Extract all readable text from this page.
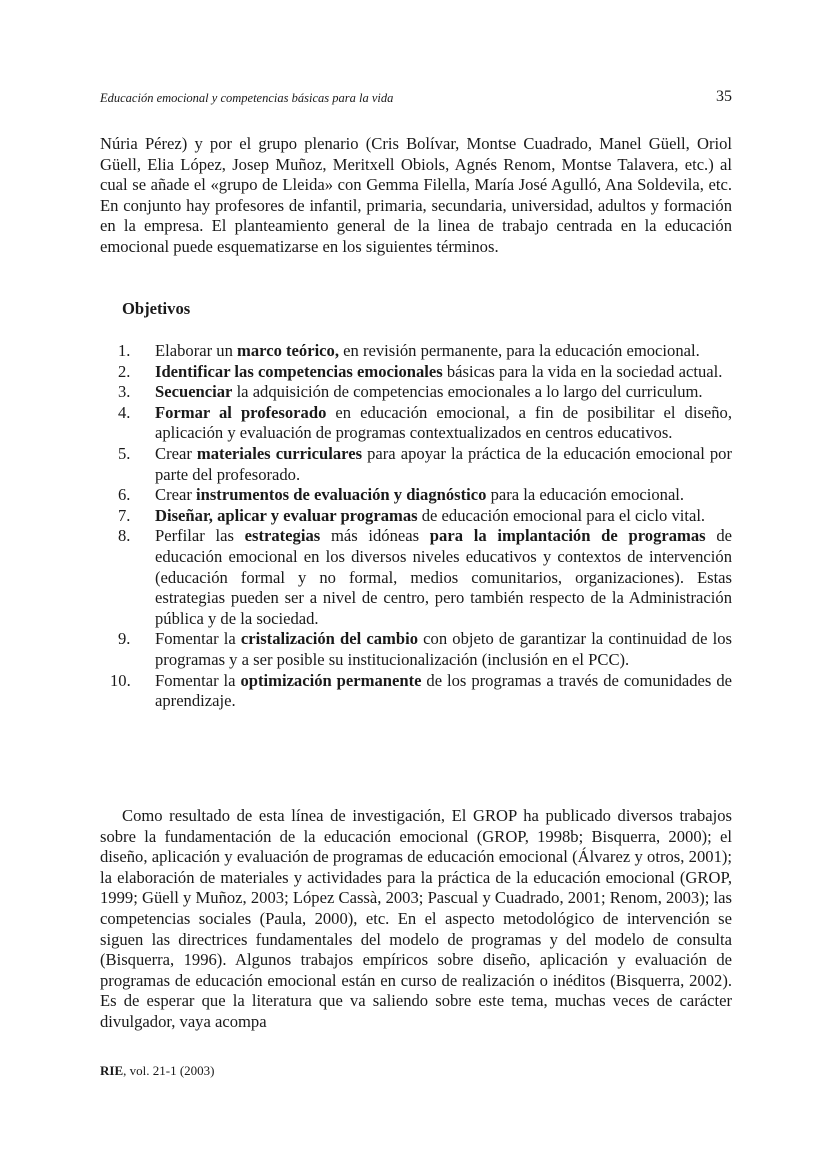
Educación emocional y competencias básicas para la vida	35

Núria Pérez) y por el grupo plenario (Cris Bolívar, Montse Cuadrado, Manel Güell, Oriol Güell, Elia López, Josep Muñoz, Meritxell Obiols, Agnés Renom, Montse Talavera, etc.) al cual se añade el «grupo de Lleida» con Gemma Filella, María José Agulló, Ana Soldevila, etc. En conjunto hay profesores de infantil, primaria, secundaria, universidad, adultos y formación en la empresa. El planteamiento general de la linea de trabajo centrada en la educación emocional puede esquematizarse en los siguientes términos.

Objetivos
1.	Elaborar un marco teórico, en revisión permanente, para la educación emocional.
2.	Identificar las competencias emocionales básicas para la vida en la sociedad actual.
3.	Secuenciar la adquisición de competencias emocionales a lo largo del curriculum.
4.	Formar al profesorado en educación emocional, a fin de posibilitar el diseño, aplicación y evaluación de programas contextualizados en centros educativos.
5.	Crear materiales curriculares para apoyar la práctica de la educación emocional por parte del profesorado.
6.	Crear instrumentos de evaluación y diagnóstico para la educación emocional.
7.	Diseñar, aplicar y evaluar programas de educación emocional para el ciclo vital.
8.	Perfilar las estrategias más idóneas para la implantación de programas de educación emocional en los diversos niveles educativos y contextos de intervención (educación formal y no formal, medios comunitarios, organizaciones). Estas estrategias pueden ser a nivel de centro, pero también respecto de la Administración pública y de la sociedad.
9.	Fomentar la cristalización del cambio con objeto de garantizar la continuidad de los programas y a ser posible su institucionalización (inclusión en el PCC).
10.	Fomentar la optimización permanente de los programas a través de comunidades de aprendizaje.

Como resultado de esta línea de investigación, El GROP ha publicado diversos trabajos sobre la fundamentación de la educación emocional (GROP, 1998b; Bisquerra, 2000); el diseño, aplicación y evaluación de programas de educación emocional (Álvarez y otros, 2001); la elaboración de materiales y actividades para la práctica de la educación emocional (GROP, 1999; Güell y Muñoz, 2003; López Cassà, 2003; Pascual y Cuadrado, 2001; Renom, 2003); las competencias sociales (Paula, 2000), etc. En el aspecto metodológico de intervención se siguen las directrices fundamentales del modelo de programas y del modelo de consulta (Bisquerra, 1996). Algunos trabajos empíricos sobre diseño, aplicación y evaluación de programas de educación emocional están en curso de realización o inéditos (Bisquerra, 2002). Es de esperar que la literatura que va saliendo sobre este tema, muchas veces de carácter divulgador, vaya acompa

RIE, vol. 21-1 (2003)
